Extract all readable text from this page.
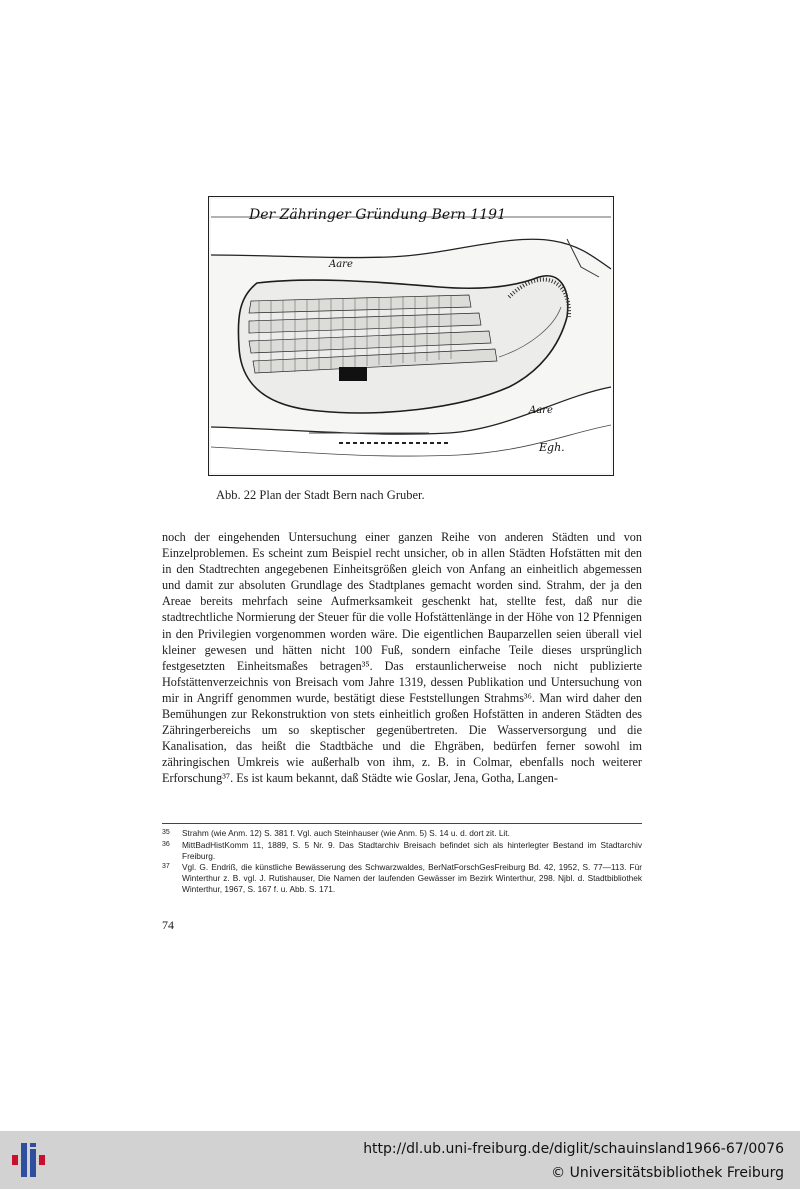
Der Zähringer Gründung Bern 1191
Aare
Aare
Egh.
Abb. 22 Plan der Stadt Bern nach Gruber.

noch der eingehenden Untersuchung einer ganzen Reihe von anderen Städten und von Einzelproblemen. Es scheint zum Beispiel recht unsicher, ob in allen Städten Hofstätten mit den in den Stadtrechten angegebenen Einheitsgrößen gleich von Anfang an einheitlich abgemessen und damit zur absoluten Grundlage des Stadtplanes gemacht worden sind. Strahm, der ja den Areae bereits mehrfach seine Aufmerksamkeit geschenkt hat, stellte fest, daß nur die stadtrechtliche Normierung der Steuer für die volle Hofstättenlänge in der Höhe von 12 Pfennigen in den Privilegien vorgenommen worden wäre. Die eigentlichen Bauparzellen seien überall viel kleiner gewesen und hätten nicht 100 Fuß, sondern einfache Teile dieses ursprünglich festgesetzten Einheitsmaßes betragen³⁵. Das erstaunlicherweise noch nicht publizierte Hofstättenverzeichnis von Breisach vom Jahre 1319, dessen Publikation und Untersuchung von mir in Angriff genommen wurde, bestätigt diese Feststellungen Strahms³⁶. Man wird daher den Bemühungen zur Rekonstruktion von stets einheitlich großen Hofstätten in anderen Städten des Zähringerbereichs um so skeptischer gegenübertreten. Die Wasserversorgung und die Kanalisation, das heißt die Stadtbäche und die Ehgräben, bedürfen ferner sowohl im zähringischen Umkreis wie außerhalb von ihm, z. B. in Colmar, ebenfalls noch weiterer Erforschung³⁷. Es ist kaum bekannt, daß Städte wie Goslar, Jena, Gotha, Langen-

35	Strahm (wie Anm. 12) S. 381 f. Vgl. auch Steinhauser (wie Anm. 5) S. 14 u. d. dort zit. Lit.
36	MittBadHistKomm 11, 1889, S. 5 Nr. 9. Das Stadtarchiv Breisach befindet sich als hinterlegter Bestand im Stadtarchiv Freiburg.
37	Vgl. G. Endriß, die künstliche Bewässerung des Schwarzwaldes, BerNatForschGesFreiburg Bd. 42, 1952, S. 77—113. Für Winterthur z. B. vgl. J. Rutishauser, Die Namen der laufenden Gewässer im Bezirk Winterthur, 298. Njbl. d. Stadtbibliothek Winterthur, 1967, S. 167 f. u. Abb. S. 171.
74
http://dl.ub.uni-freiburg.de/diglit/schauinsland1966-67/0076
© Universitätsbibliothek Freiburg
